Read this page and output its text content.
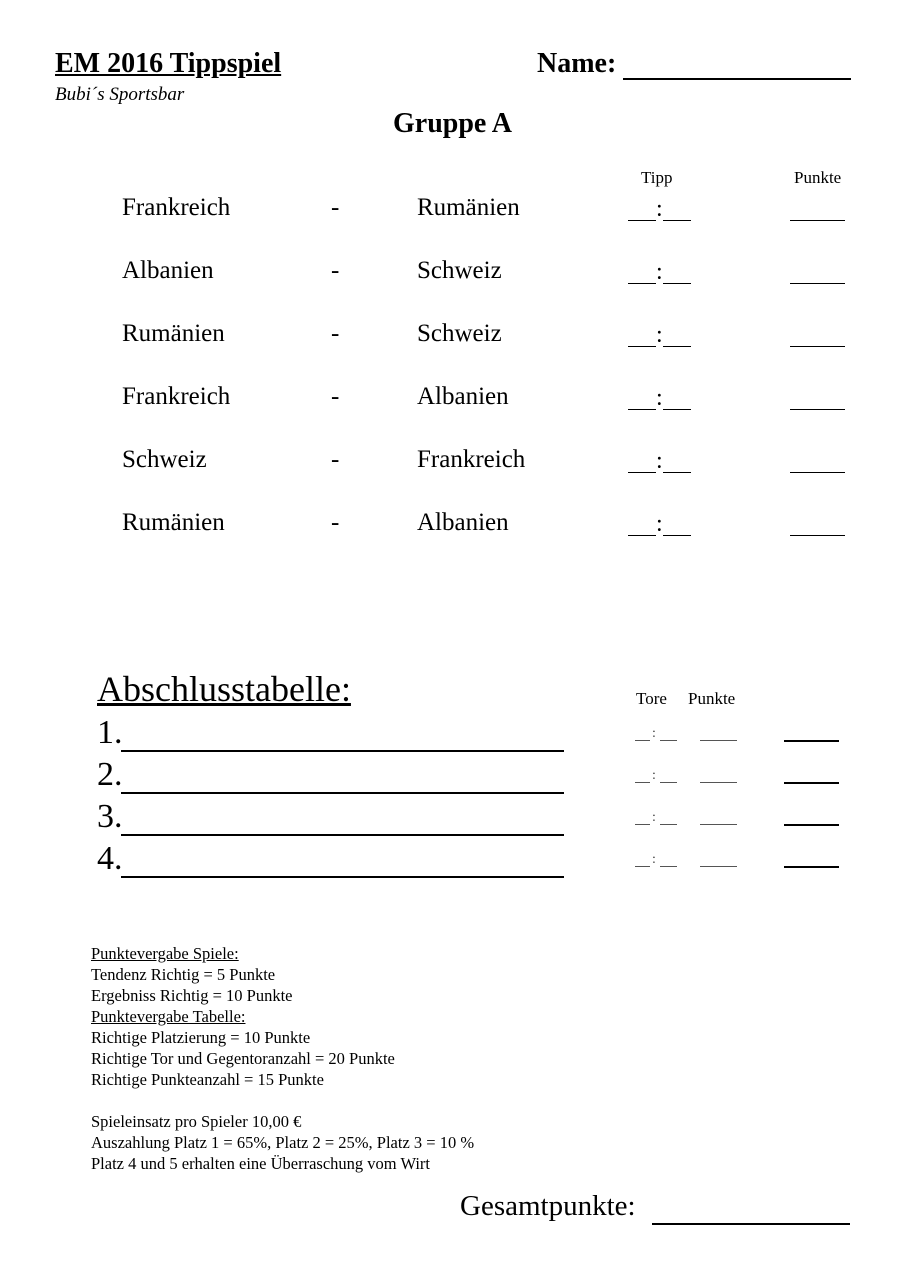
EM 2016 Tippspiel
Bubi´s Sportsbar
Name:
Gruppe A
Tipp	Punkte
Frankreich	-	Rumänien	:
Albanien	-	Schweiz	:
Rumänien	-	Schweiz	:
Frankreich	-	Albanien	:
Schweiz	-	Frankreich	:
Rumänien	-	Albanien	:
Abschlusstabelle:	Tore Punkte
1.	:
2.	:
3.	:
4.	:
Punktevergabe Spiele:
Tendenz Richtig = 5 Punkte
Ergebniss Richtig = 10 Punkte
Punktevergabe Tabelle:
Richtige Platzierung = 10 Punkte
Richtige Tor und Gegentoranzahl = 20 Punkte
Richtige Punkteanzahl = 15 Punkte
Spieleinsatz pro Spieler 10,00 €
Auszahlung Platz 1 = 65%, Platz 2 = 25%, Platz 3 = 10 %
Platz 4 und 5 erhalten eine Überraschung vom Wirt
Gesamtpunkte:
